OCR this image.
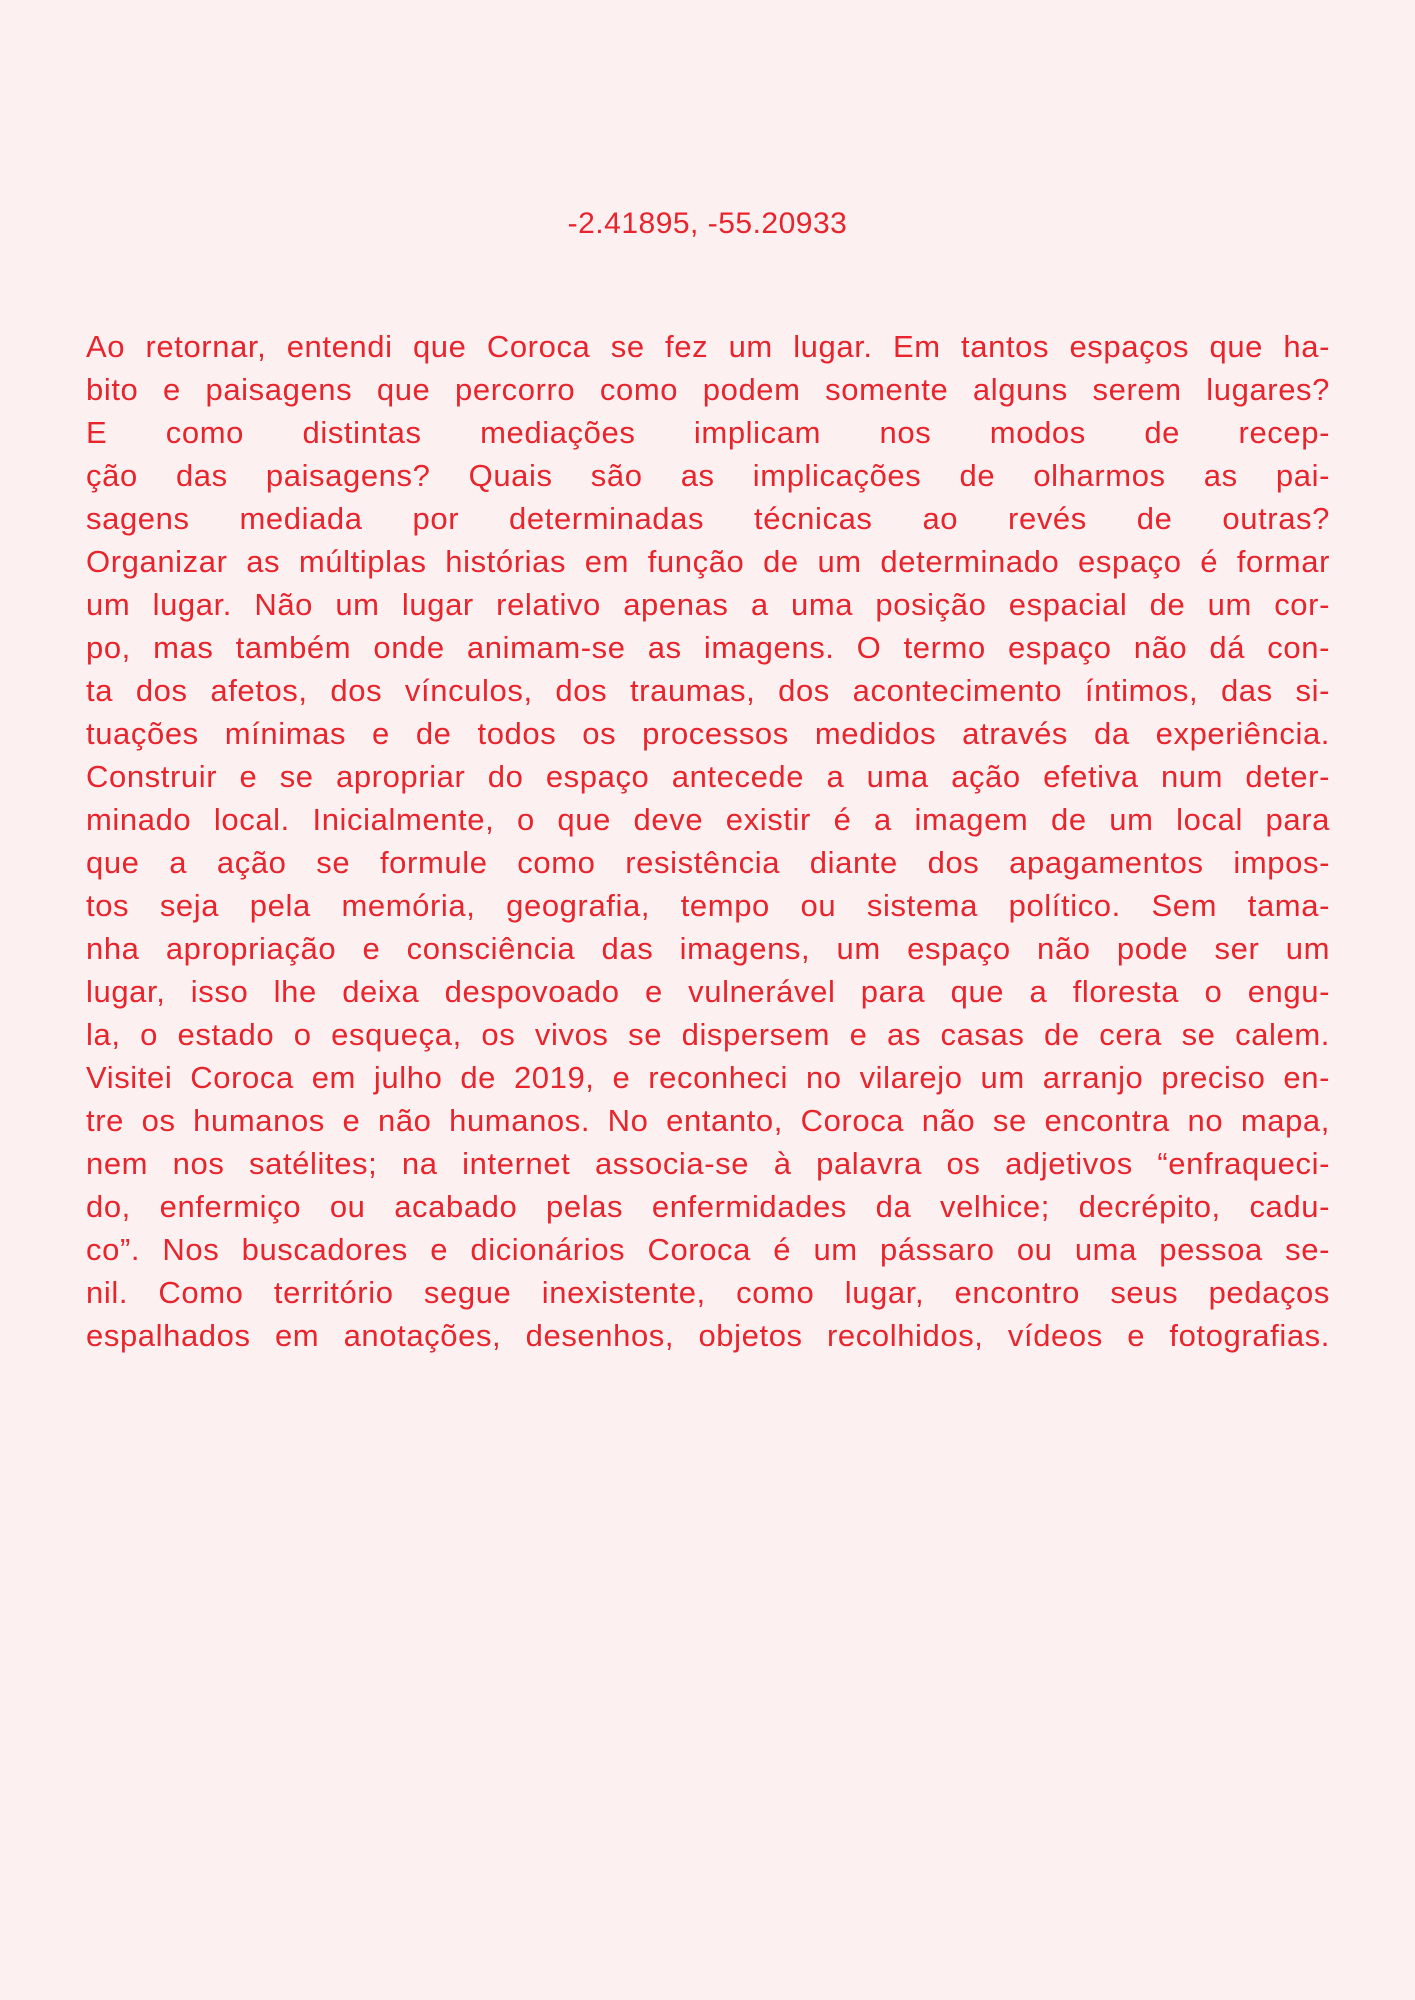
-2.41895, -55.20933
Ao retornar, entendi que Coroca se fez um lugar. Em tantos espaços que ha-
bito e paisagens que percorro como podem somente alguns serem lugares?
E como distintas mediações implicam nos modos de recep-
ção das paisagens? Quais são as implicações de olharmos as pai-
sagens mediada por determinadas técnicas ao revés de outras?
Organizar as múltiplas histórias em função de um determinado espaço é formar
um lugar. Não um lugar relativo apenas a uma posição espacial de um cor-
po, mas também onde animam-se as imagens. O termo espaço não dá con-
ta dos afetos, dos vínculos, dos traumas, dos acontecimento íntimos, das si-
tuações mínimas e de todos os processos medidos através da experiência.
Construir e se apropriar do espaço antecede a uma ação efetiva num deter-
minado local. Inicialmente, o que deve existir é a imagem de um local para
que a ação se formule como resistência diante dos apagamentos impos-
tos seja pela memória, geografia, tempo ou sistema político. Sem tama-
nha apropriação e consciência das imagens, um espaço não pode ser um
lugar, isso lhe deixa despovoado e vulnerável para que a floresta o engu-
la, o estado o esqueça, os vivos se dispersem e as casas de cera se calem.
Visitei Coroca em julho de 2019, e reconheci no vilarejo um arranjo preciso en-
tre os humanos e não humanos. No entanto, Coroca não se encontra no mapa,
nem nos satélites; na internet associa-se à palavra os adjetivos “enfraqueci-
do, enfermiço ou acabado pelas enfermidades da velhice; decrépito, cadu-
co”. Nos buscadores e dicionários Coroca é um pássaro ou uma pessoa se-
nil. Como território segue inexistente, como lugar, encontro seus pedaços
espalhados em anotações, desenhos, objetos recolhidos, vídeos e fotografias.
